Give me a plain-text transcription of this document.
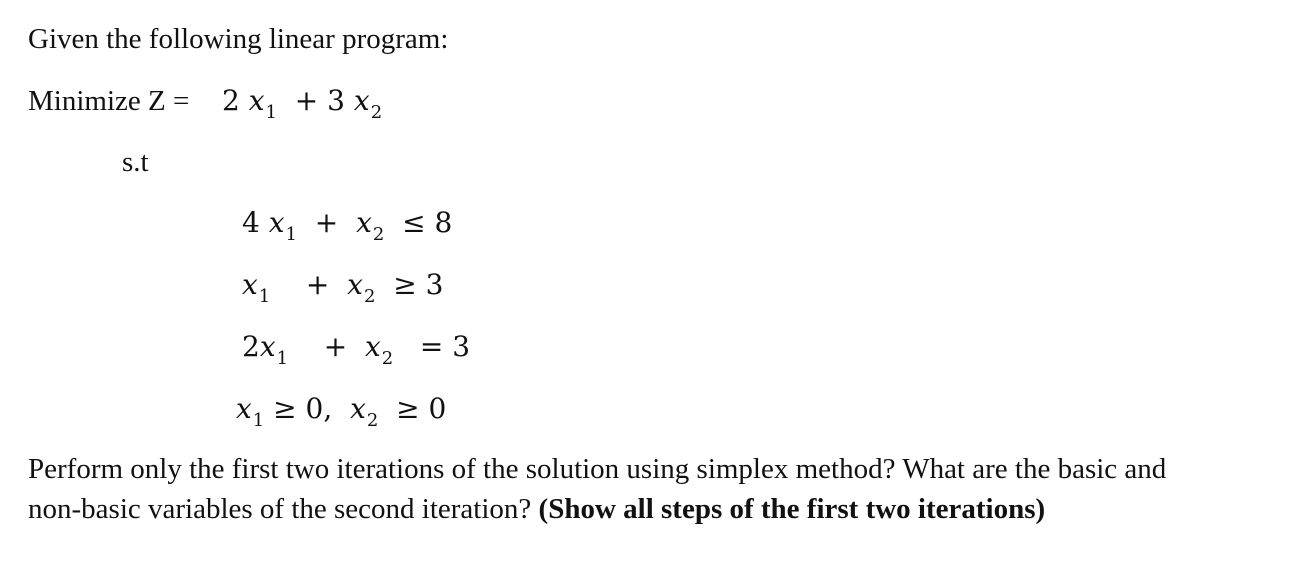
Given the following linear program:
Minimize Z = 2 $x_1 + 3$ $x_2$
s.t
4 $x_1 + x_2 \le 8$
$x_1 + x_2 \ge 3$
$2x_1 + x_2 = 3$
$x_1 \ge 0$, $x_2 \ge 0$
Perform only the first two iterations of the solution using simplex method? What are the basic and
non-basic variables of the second iteration? (Show all steps of the first two iterations)
